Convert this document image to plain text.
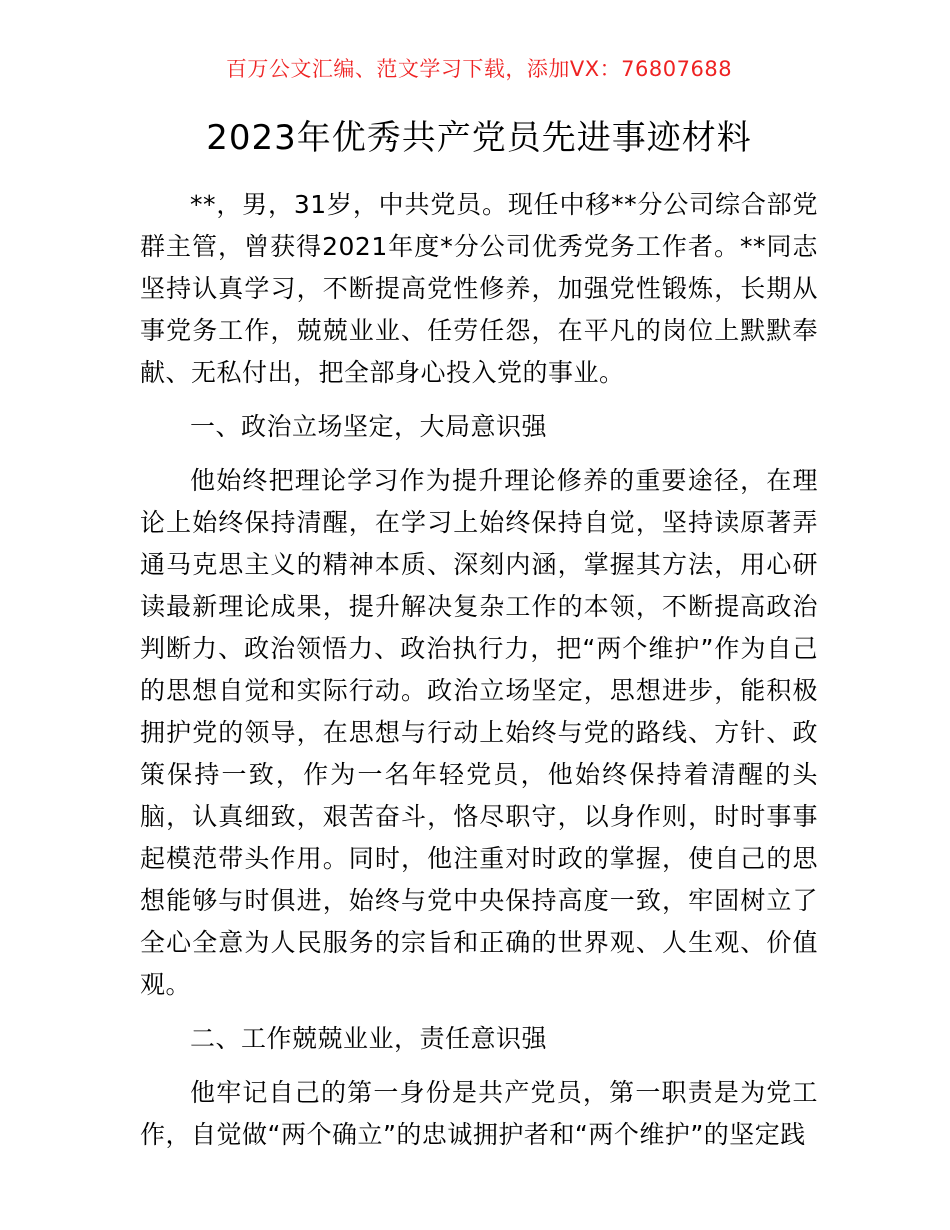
百万公文汇编、范文学习下载，添加VX：76807688
2023年优秀共产党员先进事迹材料

**，男，31岁，中共党员。现任中移**分公司综合部党群主管，曾获得2021年度*分公司优秀党务工作者。**同志坚持认真学习，不断提高党性修养，加强党性锻炼，长期从事党务工作，兢兢业业、任劳任怨，在平凡的岗位上默默奉献、无私付出，把全部身心投入党的事业。

一、政治立场坚定，大局意识强

他始终把理论学习作为提升理论修养的重要途径，在理论上始终保持清醒，在学习上始终保持自觉，坚持读原著弄通马克思主义的精神本质、深刻内涵，掌握其方法，用心研读最新理论成果，提升解决复杂工作的本领，不断提高政治判断力、政治领悟力、政治执行力，把“两个维护”作为自己的思想自觉和实际行动。政治立场坚定，思想进步，能积极拥护党的领导，在思想与行动上始终与党的路线、方针、政策保持一致，作为一名年轻党员，他始终保持着清醒的头脑，认真细致，艰苦奋斗，恪尽职守，以身作则，时时事事起模范带头作用。同时，他注重对时政的掌握，使自己的思想能够与时俱进，始终与党中央保持高度一致，牢固树立了全心全意为人民服务的宗旨和正确的世界观、人生观、价值观。

二、工作兢兢业业，责任意识强

他牢记自己的第一身份是共产党员，第一职责是为党工作，自觉做“两个确立”的忠诚拥护者和“两个维护”的坚定践
